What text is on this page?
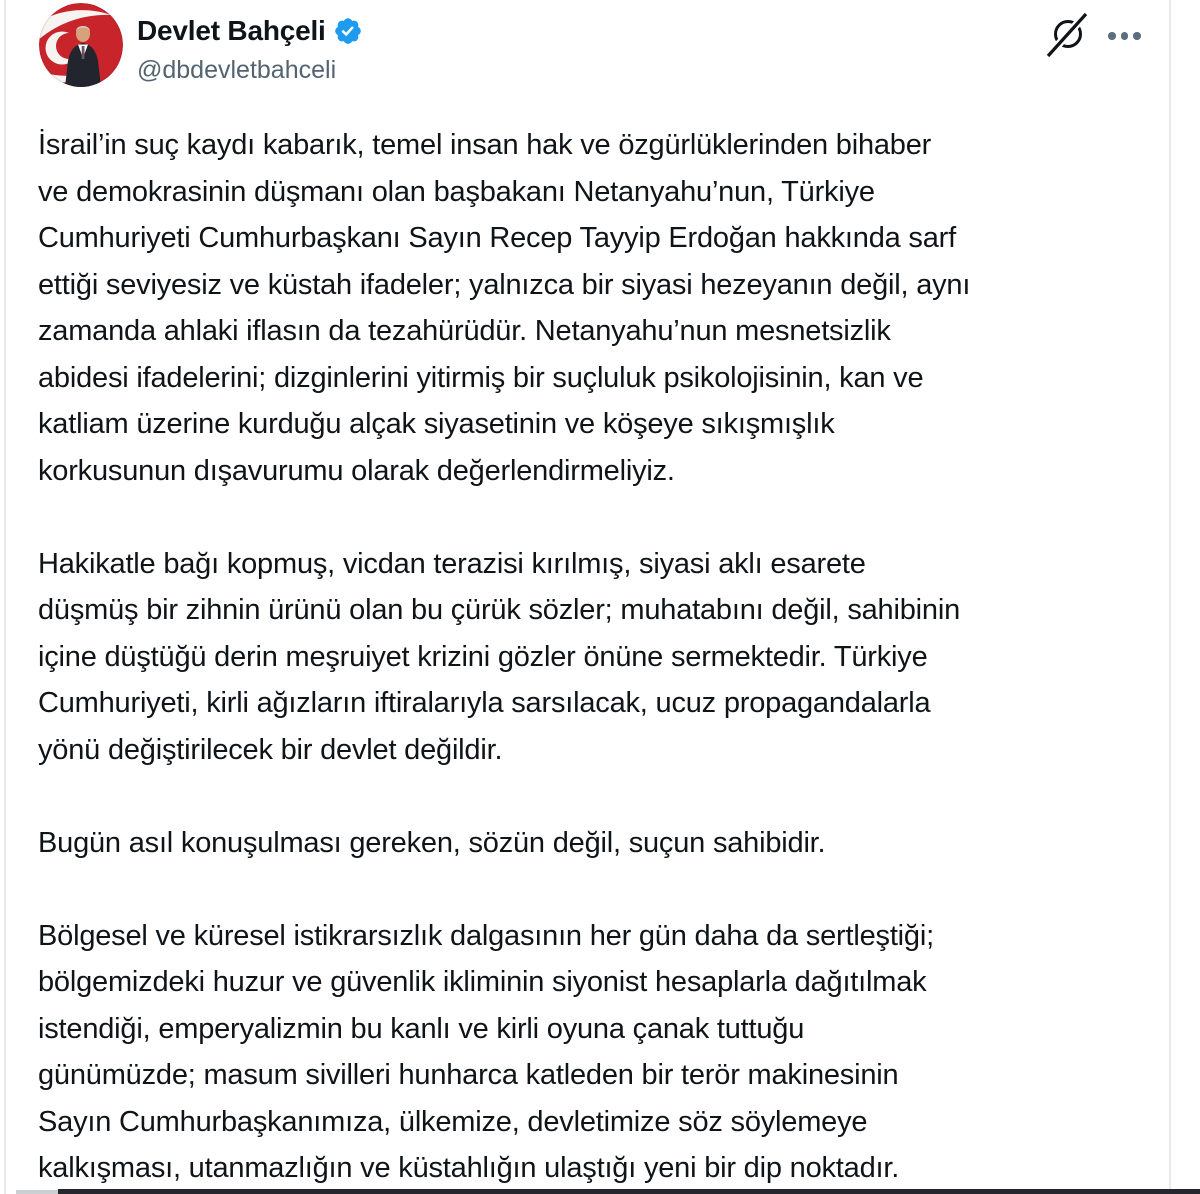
Devlet Bahçeli
@dbdevletbahceli

İsrail’in suç kaydı kabarık, temel insan hak ve özgürlüklerinden bihaber
ve demokrasinin düşmanı olan başbakanı Netanyahu’nun, Türkiye
Cumhuriyeti Cumhurbaşkanı Sayın Recep Tayyip Erdoğan hakkında sarf
ettiği seviyesiz ve küstah ifadeler; yalnızca bir siyasi hezeyanın değil, aynı
zamanda ahlaki iflasın da tezahürüdür. Netanyahu’nun mesnetsizlik
abidesi ifadelerini; dizginlerini yitirmiş bir suçluluk psikolojisinin, kan ve
katliam üzerine kurduğu alçak siyasetinin ve köşeye sıkışmışlık
korkusunun dışavurumu olarak değerlendirmeliyiz.

Hakikatle bağı kopmuş, vicdan terazisi kırılmış, siyasi aklı esarete
düşmüş bir zihnin ürünü olan bu çürük sözler; muhatabını değil, sahibinin
içine düştüğü derin meşruiyet krizini gözler önüne sermektedir. Türkiye
Cumhuriyeti, kirli ağızların iftiralarıyla sarsılacak, ucuz propagandalarla
yönü değiştirilecek bir devlet değildir.

Bugün asıl konuşulması gereken, sözün değil, suçun sahibidir.

Bölgesel ve küresel istikrarsızlık dalgasının her gün daha da sertleştiği;
bölgemizdeki huzur ve güvenlik ikliminin siyonist hesaplarla dağıtılmak
istendiği, emperyalizmin bu kanlı ve kirli oyuna çanak tuttuğu
günümüzde; masum sivilleri hunharca katleden bir terör makinesinin
Sayın Cumhurbaşkanımıza, ülkemize, devletimize söz söylemeye
kalkışması, utanmazlığın ve küstahlığın ulaştığı yeni bir dip noktadır.
